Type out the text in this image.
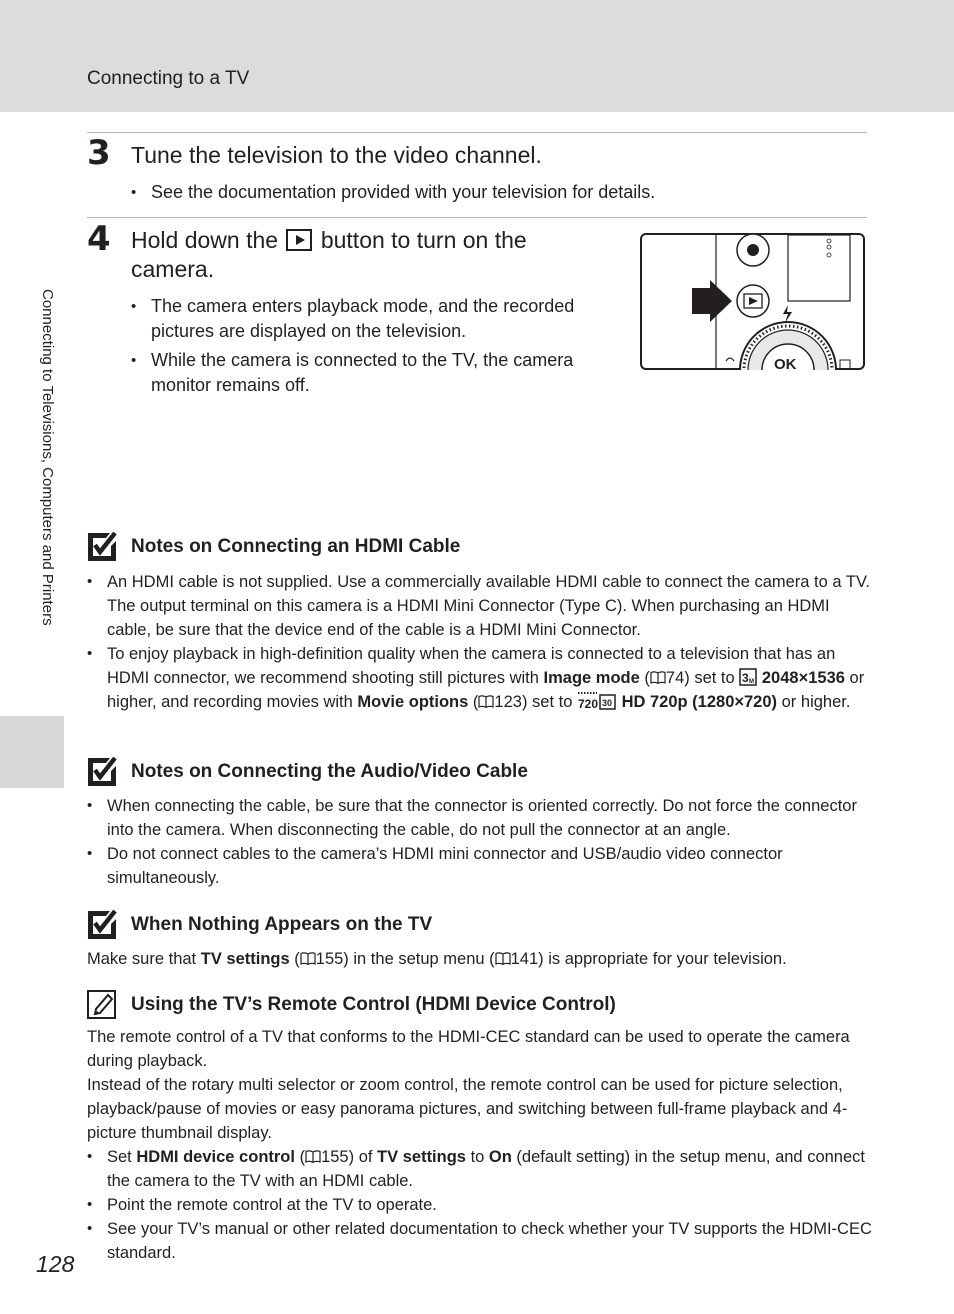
Connecting to a TV
Connecting to Televisions, Computers and Printers
3 Tune the television to the video channel.
• See the documentation provided with your television for details.
4 Hold down the button to turn on the camera.
• The camera enters playback mode, and the recorded pictures are displayed on the television.
• While the camera is connected to the TV, the camera monitor remains off.
OK
Notes on Connecting an HDMI Cable
• An HDMI cable is not supplied. Use a commercially available HDMI cable to connect the camera to a TV. The output terminal on this camera is a HDMI Mini Connector (Type C). When purchasing an HDMI cable, be sure that the device end of the cable is a HDMI Mini Connector.
• To enjoy playback in high-definition quality when the camera is connected to a television that has an HDMI connector, we recommend shooting still pictures with Image mode ( 74) set to 3 M 2048×1536 or higher, and recording movies with Movie options ( 123) set to 720 30 HD 720p (1280×720) or higher.
Notes on Connecting the Audio/Video Cable
• When connecting the cable, be sure that the connector is oriented correctly. Do not force the connector into the camera. When disconnecting the cable, do not pull the connector at an angle.
• Do not connect cables to the camera’s HDMI mini connector and USB/audio video connector simultaneously.
When Nothing Appears on the TV

Make sure that TV settings ( 155) in the setup menu ( 141) is appropriate for your television.

Using the TV’s Remote Control (HDMI Device Control)

The remote control of a TV that conforms to the HDMI-CEC standard can be used to operate the camera during playback.

Instead of the rotary multi selector or zoom control, the remote control can be used for picture selection, playback/pause of movies or easy panorama pictures, and switching between full-frame playback and 4-picture thumbnail display.

• Set HDMI device control ( 155) of TV settings to On (default setting) in the setup menu, and connect the camera to the TV with an HDMI cable.
• Point the remote control at the TV to operate.
• See your TV’s manual or other related documentation to check whether your TV supports the HDMI-CEC standard.
128
